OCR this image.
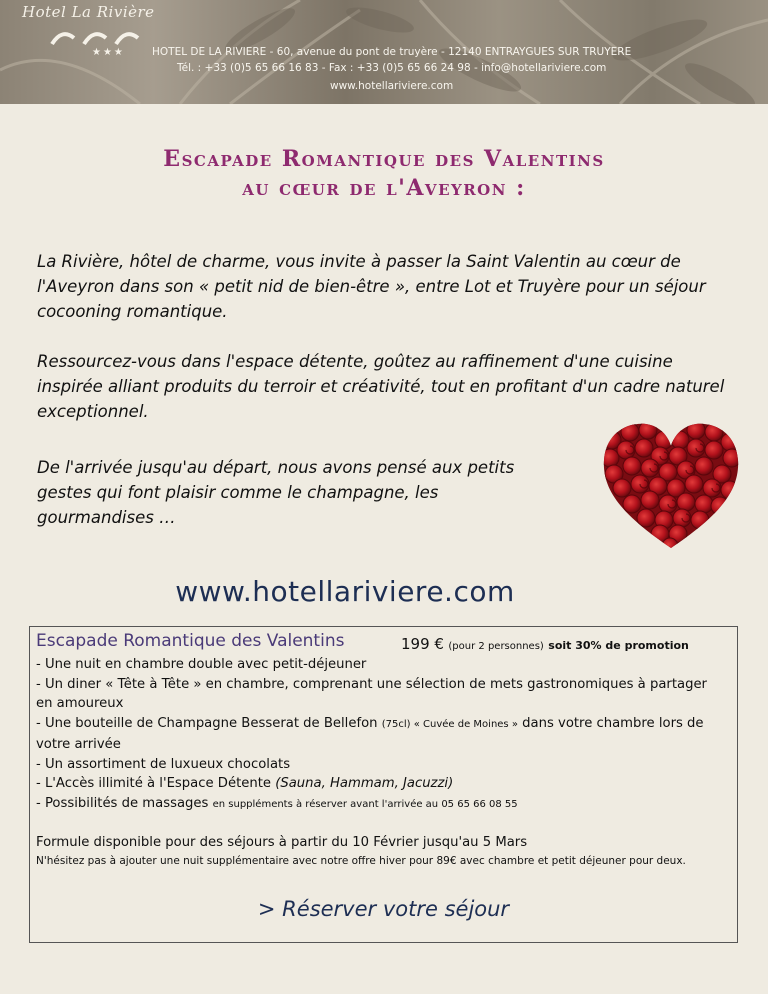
Hotel La Rivière
★★★	HOTEL DE LA RIVIERE - 60, avenue du pont de truyère - 12140 ENTRAYGUES SUR TRUYERE
Tél. : +33 (0)5 65 66 16 83 - Fax : +33 (0)5 65 66 24 98 - info@hotellariviere.com
www.hotellariviere.com
Escapade Romantique des Valentins
au cœur de l'Aveyron :
La Rivière, hôtel de charme, vous invite à passer la Saint Valentin au cœur de l'Aveyron dans son « petit nid de bien-être », entre Lot et Truyère pour un séjour cocooning romantique.
Ressourcez-vous dans l'espace détente, goûtez au raffinement d'une cuisine inspirée alliant produits du terroir et créativité, tout en profitant d'un cadre naturel exceptionnel.
De l'arrivée jusqu'au départ, nous avons pensé aux petits gestes qui font plaisir comme le champagne, les gourmandises …
www.hotellariviere.com
Escapade Romantique des Valentins	199 € (pour 2 personnes) soit 30% de promotion
- Une nuit en chambre double avec petit-déjeuner
- Un diner « Tête à Tête » en chambre, comprenant une sélection de mets gastronomiques à partager en amoureux
- Une bouteille de Champagne Besserat de Bellefon (75cl) « Cuvée de Moines » dans votre chambre lors de votre arrivée
- Un assortiment de luxueux chocolats
- L'Accès illimité à l'Espace Détente (Sauna, Hammam, Jacuzzi)
- Possibilités de massages en suppléments à réserver avant l'arrivée au 05 65 66 08 55
Formule disponible pour des séjours à partir du 10 Février jusqu'au 5 Mars
N'hésitez pas à ajouter une nuit supplémentaire avec notre offre hiver pour 89€ avec chambre et petit déjeuner pour deux.
> Réserver votre séjour
